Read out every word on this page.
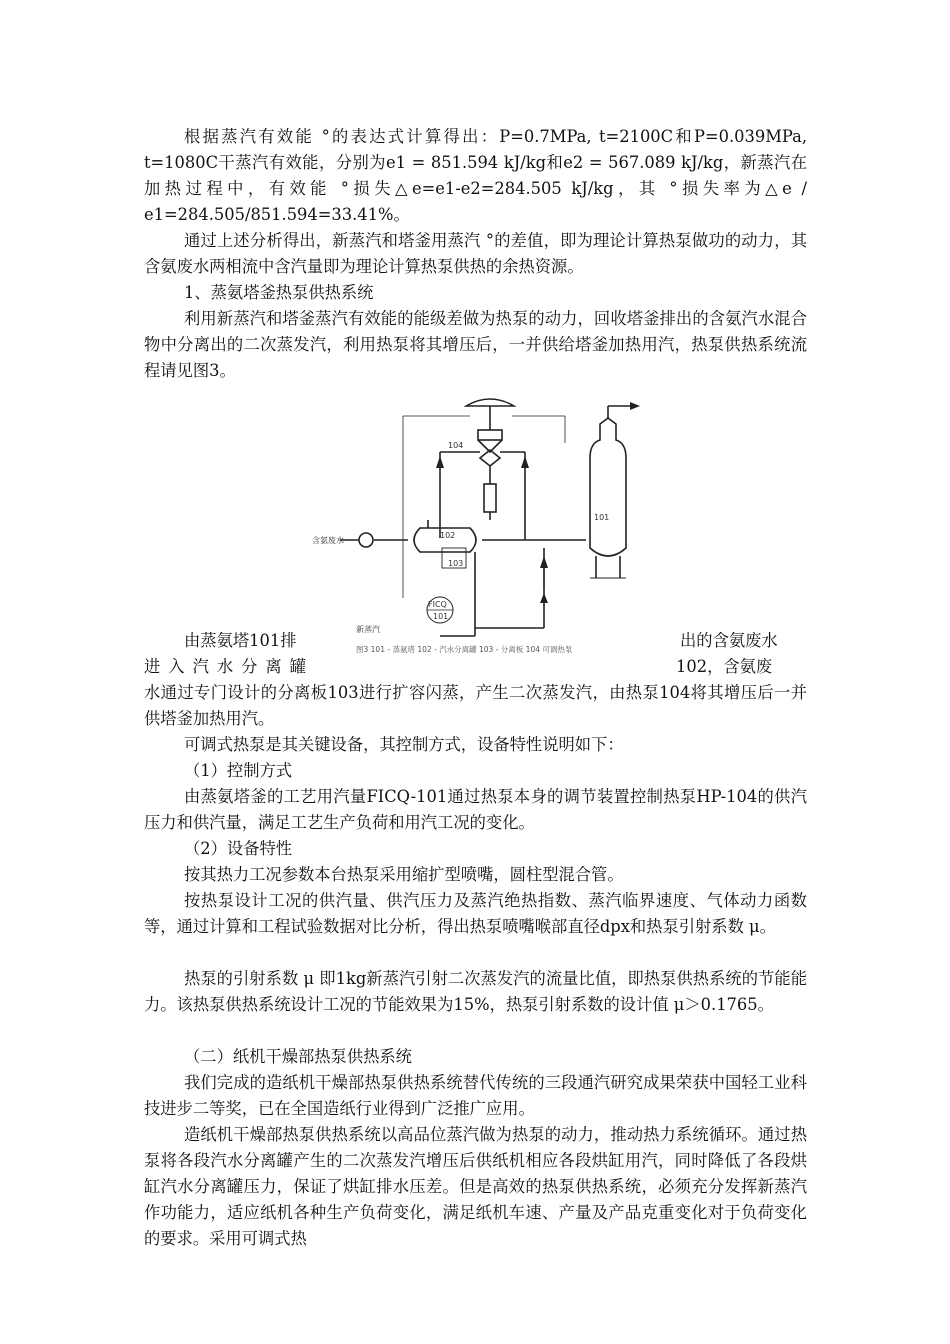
根据蒸汽有效能 °的表达式计算得出：P=0.7MPa, t=2100C和P=0.039MPa, t=1080C干蒸汽有效能，分别为e1 = 851.594 kJ/kg和e2 = 567.089 kJ/kg，新蒸汽在加热过程中，有效能 °损失△e=e1-e2=284.505 kJ/kg，其 °损失率为△e / e1=284.505/851.594=33.41%。

通过上述分析得出，新蒸汽和塔釜用蒸汽 °的差值，即为理论计算热泵做功的动力，其含氨废水两相流中含汽量即为理论计算热泵供热的余热资源。

1、蒸氨塔釜热泵供热系统

利用新蒸汽和塔釜蒸汽有效能的能级差做为热泵的动力，回收塔釜排出的含氨汽水混合物中分离出的二次蒸发汽，利用热泵将其增压后，一并供给塔釜加热用汽，热泵供热系统流程请见图3。

104
101
102
103
FICQ
101
含氨废水
新蒸汽
图3 101 - 蒸氨塔 102 - 汽水分离罐 103 - 分离板 104 可调热泵
由蒸氨塔101排	出的含氨废水
进入汽水分离罐	102，含氨废

水通过专门设计的分离板103进行扩容闪蒸，产生二次蒸发汽，由热泵104将其增压后一并供塔釜加热用汽。

可调式热泵是其关键设备，其控制方式，设备特性说明如下：

（1）控制方式

由蒸氨塔釜的工艺用汽量FICQ-101通过热泵本身的调节装置控制热泵HP-104的供汽压力和供汽量，满足工艺生产负荷和用汽工况的变化。

（2）设备特性

按其热力工况参数本台热泵采用缩扩型喷嘴，圆柱型混合管。

按热泵设计工况的供汽量、供汽压力及蒸汽绝热指数、蒸汽临界速度、气体动力函数等，通过计算和工程试验数据对比分析，得出热泵喷嘴喉部直径dpx和热泵引射系数 μ。

热泵的引射系数 μ 即1kg新蒸汽引射二次蒸发汽的流量比值，即热泵供热系统的节能能力。该热泵供热系统设计工况的节能效果为15%，热泵引射系数的设计值 μ＞0.1765。

（二）纸机干燥部热泵供热系统

我们完成的造纸机干燥部热泵供热系统替代传统的三段通汽研究成果荣获中国轻工业科技进步二等奖，已在全国造纸行业得到广泛推广应用。

造纸机干燥部热泵供热系统以高品位蒸汽做为热泵的动力，推动热力系统循环。通过热泵将各段汽水分离罐产生的二次蒸发汽增压后供纸机相应各段烘缸用汽，同时降低了各段烘缸汽水分离罐压力，保证了烘缸排水压差。但是高效的热泵供热系统，必须充分发挥新蒸汽作功能力，适应纸机各种生产负荷变化，满足纸机车速、产量及产品克重变化对于负荷变化的要求。采用可调式热
